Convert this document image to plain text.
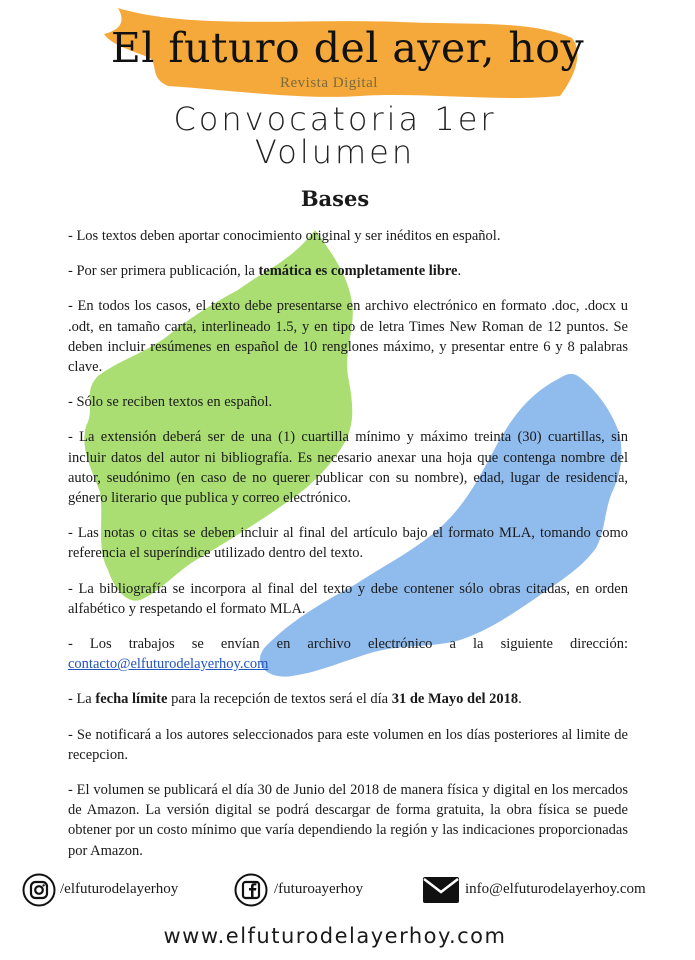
El futuro del ayer, hoy
Revista Digital
Convocatoria 1er
Volumen
Bases

- Los textos deben aportar conocimiento original y ser inéditos en español.

- Por ser primera publicación, la temática es completamente libre.

- En todos los casos, el texto debe presentarse en archivo electrónico en formato .doc, .docx u .odt, en tamaño carta, interlineado 1.5, y en tipo de letra Times New Roman de 12 puntos. Se deben incluir resúmenes en español de 10 renglones máximo, y presentar entre 6 y 8 palabras clave.

- Sólo se reciben textos en español.

- La extensión deberá ser de una (1) cuartilla mínimo y máximo treinta (30) cuartillas, sin incluir datos del autor ni bibliografía. Es necesario anexar una hoja que contenga nombre del autor, seudónimo (en caso de no querer publicar con su nombre), edad, lugar de residencia, género literario que publica y correo electrónico.

- Las notas o citas se deben incluir al final del artículo bajo el formato MLA, tomando como referencia el superíndice utilizado dentro del texto.

- La bibliografía se incorpora al final del texto y debe contener sólo obras citadas, en orden alfabético y respetando el formato MLA.

- Los trabajos se envían en archivo electrónico a la siguiente dirección: contacto@elfuturodelayerhoy.com

- La fecha límite para la recepción de textos será el día 31 de Mayo del 2018.

- Se notificará a los autores seleccionados para este volumen en los días posteriores al limite de recepcion.

- El volumen se publicará el día 30 de Junio del 2018 de manera física y digital en los mercados de Amazon. La versión digital se podrá descargar de forma gratuita, la obra física se puede obtener por un costo mínimo que varía dependiendo la región y las indicaciones proporcionadas por Amazon.

/elfuturodelayerhoy	/futuroayerhoy	info@elfuturodelayerhoy.com
www.elfuturodelayerhoy.com
